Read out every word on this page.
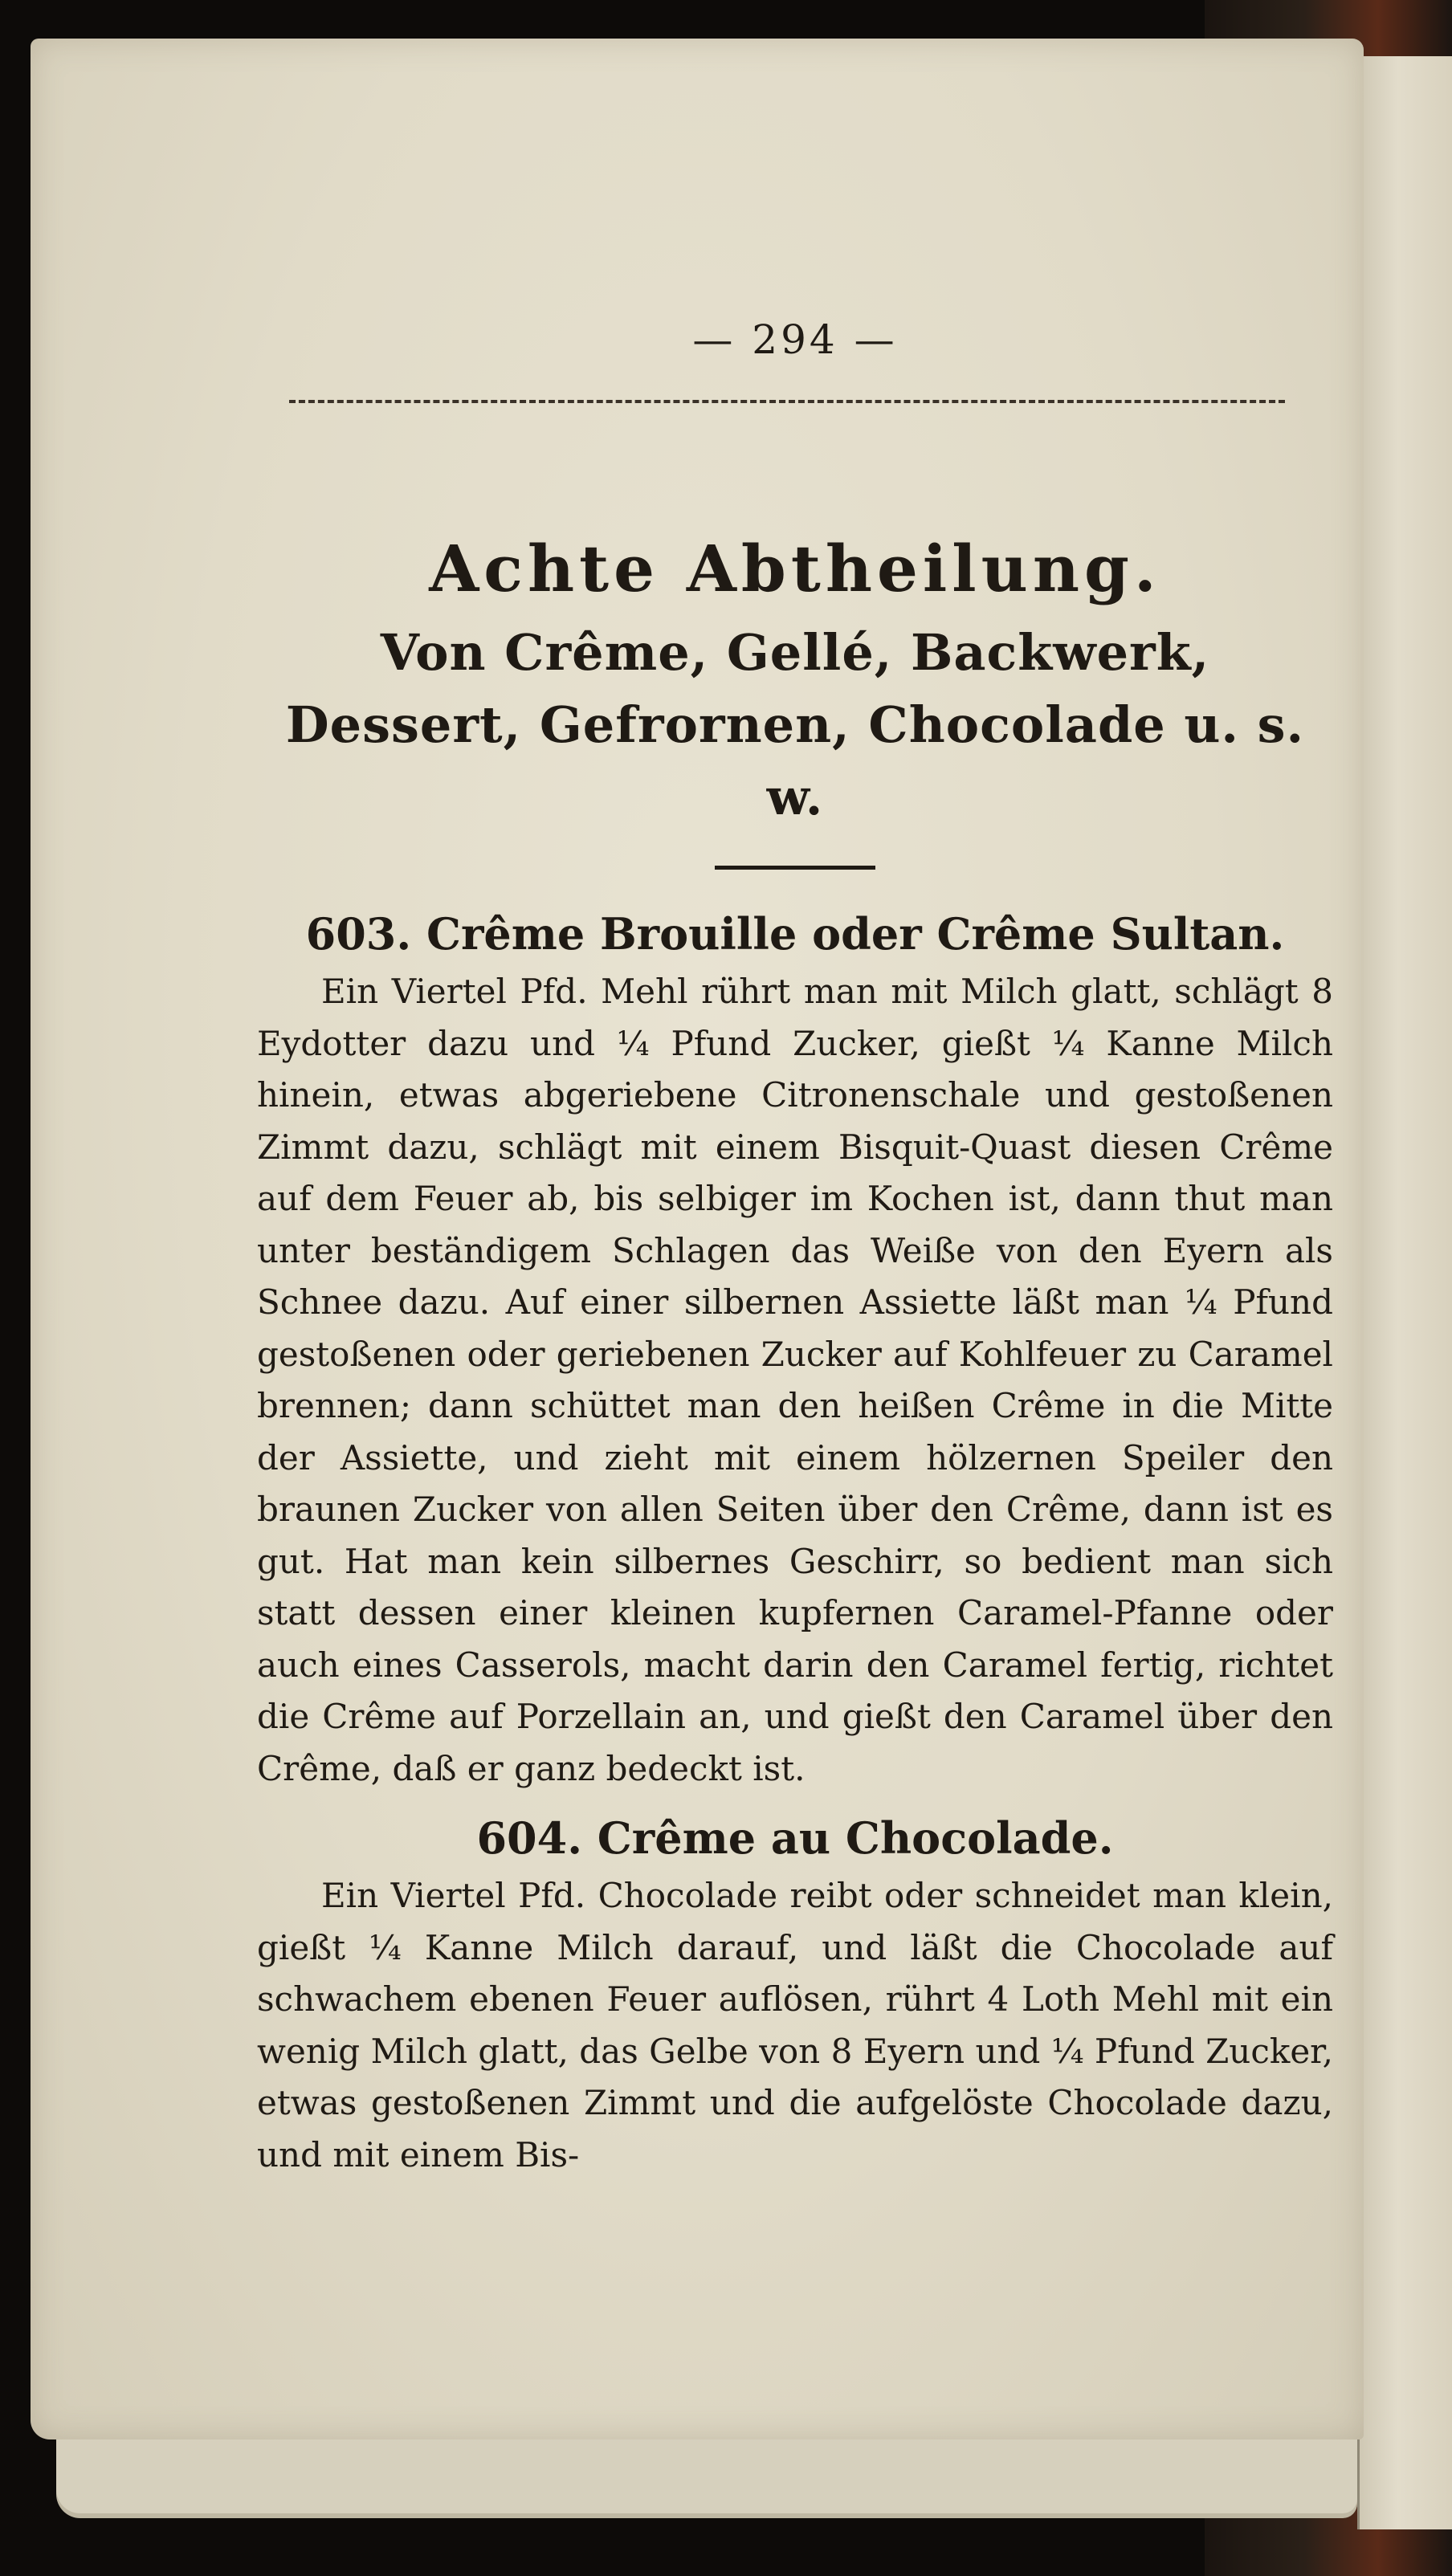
— 294 —
Achte Abtheilung.
Von Crême, Gellé, Backwerk, Dessert, Gefrornen, Chocolade u. s. w.
603. Crême Brouille oder Crême Sultan.

Ein Viertel Pfd. Mehl rührt man mit Milch glatt, schlägt 8 Eydotter dazu und ¼ Pfund Zucker, gießt ¼ Kanne Milch hinein, etwas abgeriebene Citronenschale und gestoßenen Zimmt dazu, schlägt mit einem Bisquit-Quast diesen Crême auf dem Feuer ab, bis selbiger im Kochen ist, dann thut man unter beständigem Schlagen das Weiße von den Eyern als Schnee dazu. Auf einer silbernen Assiette läßt man ¼ Pfund gestoßenen oder geriebenen Zucker auf Kohlfeuer zu Caramel brennen; dann schüttet man den heißen Crême in die Mitte der Assiette, und zieht mit einem hölzernen Speiler den braunen Zucker von allen Seiten über den Crême, dann ist es gut. Hat man kein silbernes Geschirr, so bedient man sich statt dessen einer kleinen kupfernen Caramel-Pfanne oder auch eines Casserols, macht darin den Caramel fertig, richtet die Crême auf Porzellain an, und gießt den Caramel über den Crême, daß er ganz bedeckt ist.

604. Crême au Chocolade.

Ein Viertel Pfd. Chocolade reibt oder schneidet man klein, gießt ¼ Kanne Milch darauf, und läßt die Chocolade auf schwachem ebenen Feuer auflösen, rührt 4 Loth Mehl mit ein wenig Milch glatt, das Gelbe von 8 Eyern und ¼ Pfund Zucker, etwas gestoßenen Zimmt und die aufgelöste Chocolade dazu, und mit einem Bis-
